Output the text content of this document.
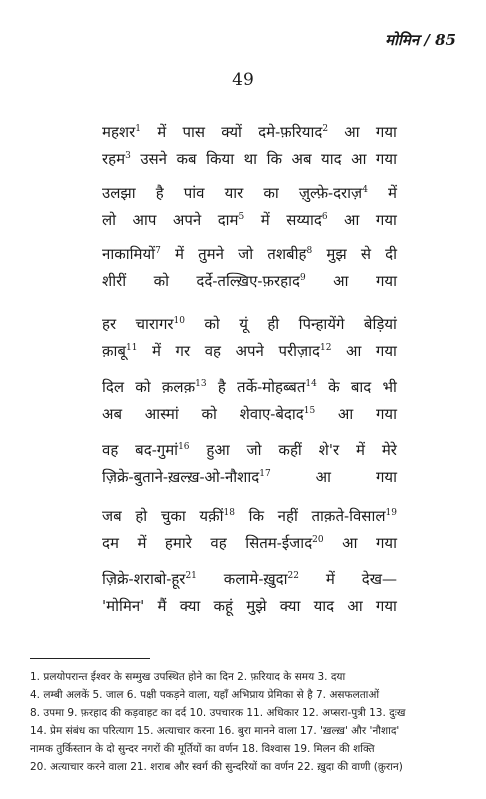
मोमिन / 85
49
महशर$^1$ में पास क्यों दमे-फ़रियाद$^2$ आ गया
रहम$^3$ उसने कब किया था कि अब याद आ गया
उलझा है पांव यार का ज़ुल्फ़े-दराज़$^4$ में
लो आप अपने दाम$^5$ में सय्याद$^6$ आ गया
नाकामियों$^7$ में तुमने जो तशबीह$^8$ मुझ से दी
शीरीं को दर्दे-तल्ख़िए-फ़रहाद$^9$ आ गया
हर चारागर$^{10}$ को यूं ही पिन्हायेंगे बेड़ियां
क़ाबू$^{11}$ में गर वह अपने परीज़ाद$^{12}$ आ गया
दिल को क़लक़$^{13}$ है तर्के-मोहब्बत$^{14}$ के बाद भी
अब आस्मां को शेवाए-बेदाद$^{15}$ आ गया
वह बद-गुमां$^{16}$ हुआ जो कहीं शे'र में मेरे
ज़िक्रे-बुताने-ख़ल्ख़-ओ-नौशाद$^{17}$	आ	गया
जब हो चुका यक़ीं$^{18}$ कि नहीं ताक़ते-विसाल$^{19}$
दम में हमारे वह सितम-ईजाद$^{20}$ आ गया
ज़िक्रे-शराबो-हूर$^{21}$ कलामे-ख़ुदा$^{22}$ में देख—
'मोमिन' मैं क्या कहूं मुझे क्या याद आ गया
1. प्रलयोपरान्त ईश्वर के सम्मुख उपस्थित होने का दिन 2. फ़रियाद के समय 3. दया
4. लम्बी अलकें 5. जाल 6. पक्षी पकड़ने वाला, यहाँ अभिप्राय प्रेमिका से है 7. असफलताओं
8. उपमा 9. फ़रहाद की कड़वाहट का दर्द 10. उपचारक 11. अधिकार 12. अप्सरा-पुत्री 13. दुःख
14. प्रेम संबंध का परित्याग 15. अत्याचार करना 16. बुरा मानने वाला 17. 'ख़ल्ख़' और 'नौशाद'
नामक तुर्किस्तान के दो सुन्दर नगरों की मूर्तियों का वर्णन 18. विश्वास 19. मिलन की शक्ति
20. अत्याचार करने वाला 21. शराब और स्वर्ग की सुन्दरियों का वर्णन 22. ख़ुदा की वाणी (क़ुरान)
